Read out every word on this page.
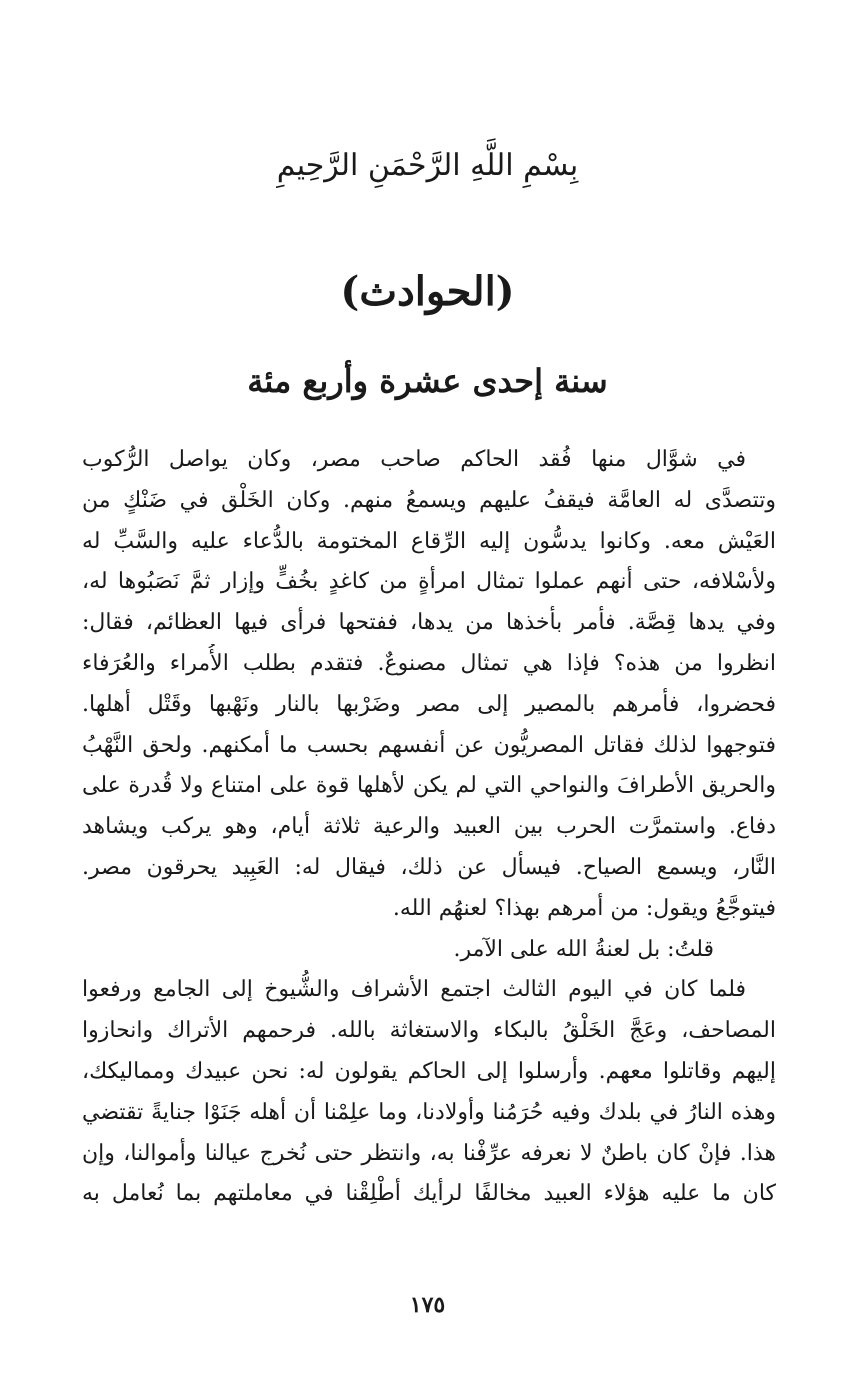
بِسْمِ اللَّهِ الرَّحْمَنِ الرَّحِيمِ
(الحوادث)
سنة إحدى عشرة وأربع مئة
في شوَّال منها فُقد الحاكم صاحب مصر، وكان يواصل الرُّكوب
وتتصدَّى له العامَّة فيقفُ عليهم ويسمعُ منهم. وكان الخَلْق في ضَنْكٍ من
العَيْش معه. وكانوا يدسُّون إليه الرِّقاع المختومة بالدُّعاء عليه والسَّبِّ له
ولأسْلافه، حتى أنهم عملوا تمثال امرأةٍ من كاغدٍ بخُفٍّ وإزار ثمَّ نَصَبُوها له،
وفي يدها قِصَّة. فأمر بأخذها من يدها، ففتحها فرأى فيها العظائم، فقال:
انظروا من هذه؟ فإذا هي تمثال مصنوعٌ. فتقدم بطلب الأُمراء والعُرَفاء
فحضروا، فأمرهم بالمصير إلى مصر وضَرْبها بالنار ونَهْبها وقَتْل أهلها.
فتوجهوا لذلك فقاتل المصريُّون عن أنفسهم بحسب ما أمكنهم. ولحق النَّهْبُ
والحريق الأطرافَ والنواحي التي لم يكن لأهلها قوة على امتناع ولا قُدرة على
دفاع. واستمرَّت الحرب بين العبيد والرعية ثلاثة أيام، وهو يركب ويشاهد
النَّار، ويسمع الصياح. فيسأل عن ذلك، فيقال له: العَبِيد يحرقون مصر.
فيتوجَّعُ ويقول: من أمرهم بهذا؟ لعنهُم الله.
قلتُ: بل لعنةُ الله على الآمر.
فلما كان في اليوم الثالث اجتمع الأشراف والشُّيوخ إلى الجامع ورفعوا
المصاحف، وعَجَّ الخَلْقُ بالبكاء والاستغاثة بالله. فرحمهم الأتراك وانحازوا
إليهم وقاتلوا معهم. وأرسلوا إلى الحاكم يقولون له: نحن عبيدك ومماليكك،
وهذه النارُ في بلدك وفيه حُرَمُنا وأولادنا، وما علِمْنا أن أهله جَنَوْا جنايةً تقتضي
هذا. فإنْ كان باطنٌ لا نعرفه عرِّفْنا به، وانتظر حتى نُخرج عيالنا وأموالنا، وإن
كان ما عليه هؤلاء العبيد مخالفًا لرأيك أطْلِقْنا في معاملتهم بما نُعامل به
١٧٥
